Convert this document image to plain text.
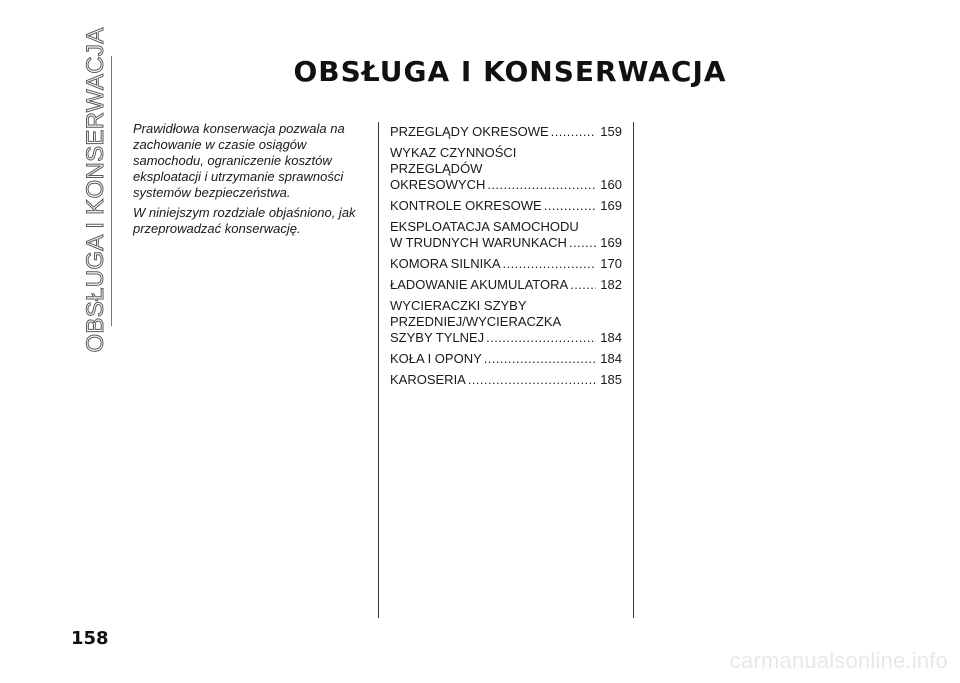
OBSŁUGA I KONSERWACJA	OBSŁUGA I KONSERWACJA

Prawidłowa konserwacja pozwala na zachowanie w czasie osiągów samochodu, ograniczenie kosztów eksploatacji i utrzymanie sprawności systemów bezpieczeństwa.

W niniejszym rozdziale objaśniono, jak przeprowadzać konserwację.

PRZEGLĄDY OKRESOWE . . .	159
WYKAZ CZYNNOŚCI
PRZEGLĄDÓW
OKRESOWYCH . . .	160
KONTROLE OKRESOWE . . .	169
EKSPLOATACJA SAMOCHODU
W TRUDNYCH WARUNKACH . . .	169
KOMORA SILNIKA . . .	170
ŁADOWANIE AKUMULATORA . . . 182
WYCIERACZKI SZYBY
PRZEDNIEJ/WYCIERACZKA
SZYBY TYLNEJ . . .	184
KOŁA I OPONY . . .	184
KAROSERIA . . .	185
158
carmanualsonline.info
